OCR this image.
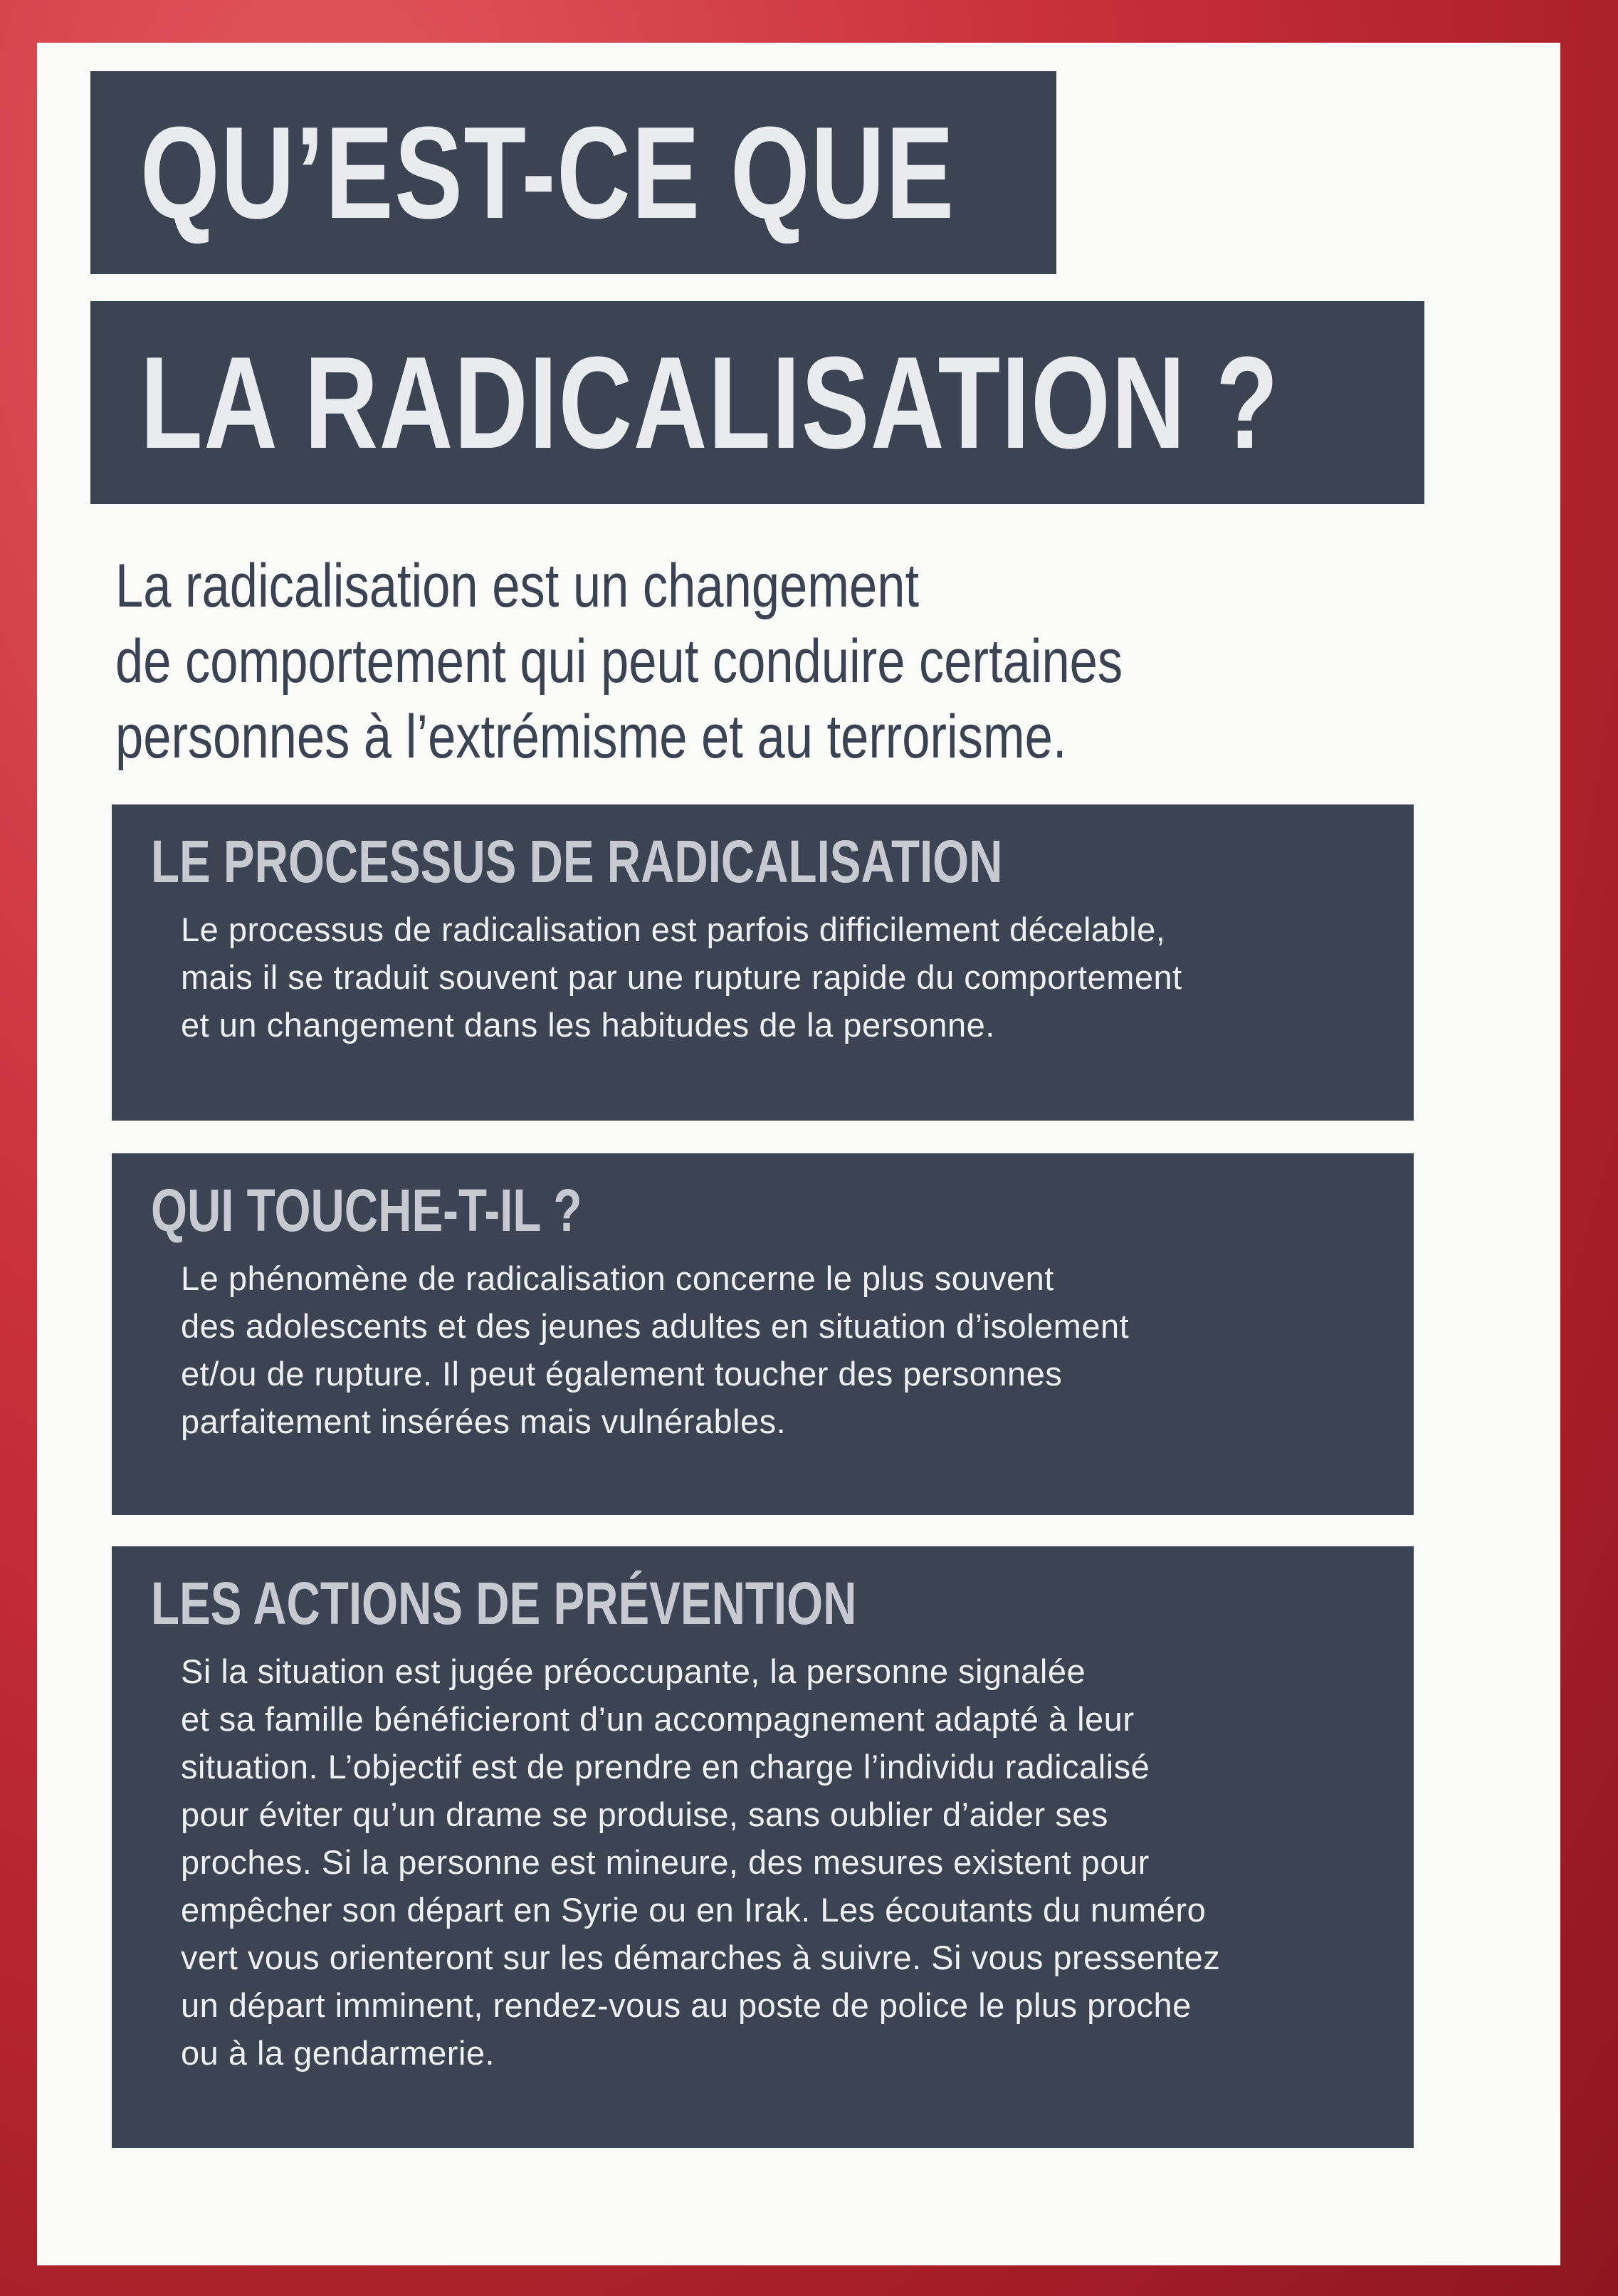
QU’EST-CE QUE
LA RADICALISATION ?

La radicalisation est un changement
de comportement qui peut conduire certaines
personnes à l’extrémisme et au terrorisme.

LE PROCESSUS DE RADICALISATION

Le processus de radicalisation est parfois difficilement décelable,
mais il se traduit souvent par une rupture rapide du comportement
et un changement dans les habitudes de la personne.

QUI TOUCHE-T-IL ?

Le phénomène de radicalisation concerne le plus souvent
des adolescents et des jeunes adultes en situation d’isolement
et/ou de rupture. Il peut également toucher des personnes
parfaitement insérées mais vulnérables.

LES ACTIONS DE PRÉVENTION

Si la situation est jugée préoccupante, la personne signalée
et sa famille bénéficieront d’un accompagnement adapté à leur
situation. L’objectif est de prendre en charge l’individu radicalisé
pour éviter qu’un drame se produise, sans oublier d’aider ses
proches. Si la personne est mineure, des mesures existent pour
empêcher son départ en Syrie ou en Irak. Les écoutants du numéro
vert vous orienteront sur les démarches à suivre. Si vous pressentez
un départ imminent, rendez-vous au poste de police le plus proche
ou à la gendarmerie.
